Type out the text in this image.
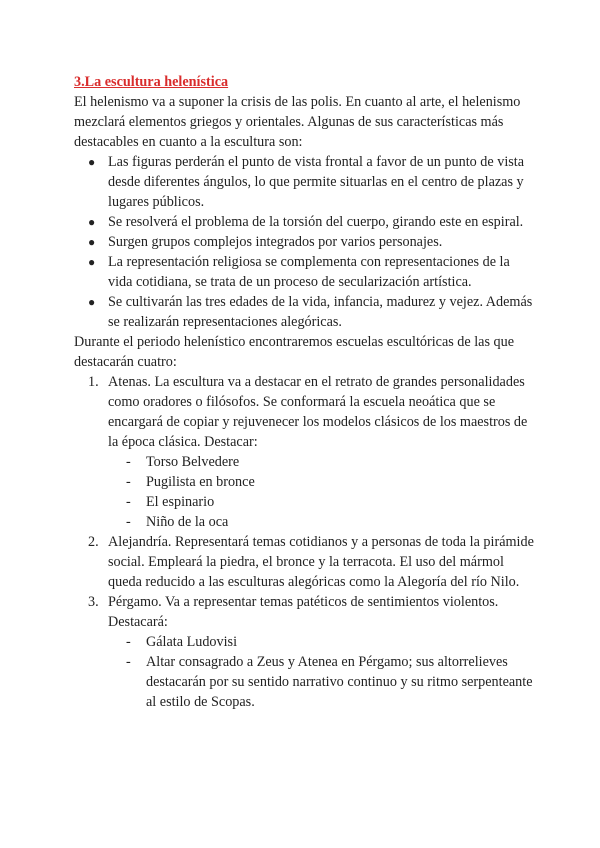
3.La escultura helenística

El helenismo va a suponer la crisis de las polis. En cuanto al arte, el helenismo mezclará elementos griegos y orientales. Algunas de sus características más destacables en cuanto a la escultura son:

● Las figuras perderán el punto de vista frontal a favor de un punto de vista desde diferentes ángulos, lo que permite situarlas en el centro de plazas y lugares públicos.
● Se resolverá el problema de la torsión del cuerpo, girando este en espiral.
● Surgen grupos complejos integrados por varios personajes.
● La representación religiosa se complementa con representaciones de la vida cotidiana, se trata de un proceso de secularización artística.
● Se cultivarán las tres edades de la vida, infancia, madurez y vejez. Además se realizarán representaciones alegóricas.

Durante el periodo helenístico encontraremos escuelas escultóricas de las que destacarán cuatro:

1. Atenas. La escultura va a destacar en el retrato de grandes personalidades como oradores o filósofos. Se conformará la escuela neoática que se encargará de copiar y rejuvenecer los modelos clásicos de los maestros de la época clásica. Destacar:
- Torso Belvedere
- Pugilista en bronce
- El espinario
- Niño de la oca
2. Alejandría. Representará temas cotidianos y a personas de toda la pirámide social. Empleará la piedra, el bronce y la terracota. El uso del mármol queda reducido a las esculturas alegóricas como la Alegoría del río Nilo.
3. Pérgamo. Va a representar temas patéticos de sentimientos violentos. Destacará:
- Gálata Ludovisi
- Altar consagrado a Zeus y Atenea en Pérgamo; sus altorrelieves destacarán por su sentido narrativo continuo y su ritmo serpenteante al estilo de Scopas.
